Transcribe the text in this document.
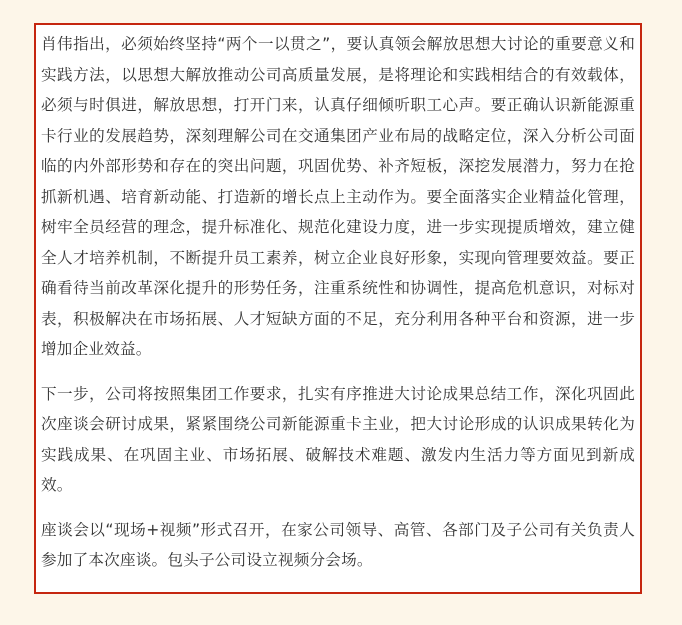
肖伟指出，必须始终坚持“两个一以贯之”，要认真领会解放思想大讨论的重要意义和实践方法，以思想大解放推动公司高质量发展，是将理论和实践相结合的有效载体，必须与时俱进，解放思想，打开门来，认真仔细倾听职工心声。要正确认识新能源重卡行业的发展趋势，深刻理解公司在交通集团产业布局的战略定位，深入分析公司面临的内外部形势和存在的突出问题，巩固优势、补齐短板，深挖发展潜力，努力在抢抓新机遇、培育新动能、打造新的增长点上主动作为。要全面落实企业精益化管理，树牢全员经营的理念，提升标准化、规范化建设力度，进一步实现提质增效，建立健全人才培养机制，不断提升员工素养，树立企业良好形象，实现向管理要效益。要正确看待当前改革深化提升的形势任务，注重系统性和协调性，提高危机意识，对标对表，积极解决在市场拓展、人才短缺方面的不足，充分利用各种平台和资源，进一步增加企业效益。

下一步，公司将按照集团工作要求，扎实有序推进大讨论成果总结工作，深化巩固此次座谈会研讨成果，紧紧围绕公司新能源重卡主业，把大讨论形成的认识成果转化为实践成果、在巩固主业、市场拓展、破解技术难题、激发内生活力等方面见到新成效。

座谈会以“现场+视频”形式召开，在家公司领导、高管、各部门及子公司有关负责人参加了本次座谈。包头子公司设立视频分会场。
